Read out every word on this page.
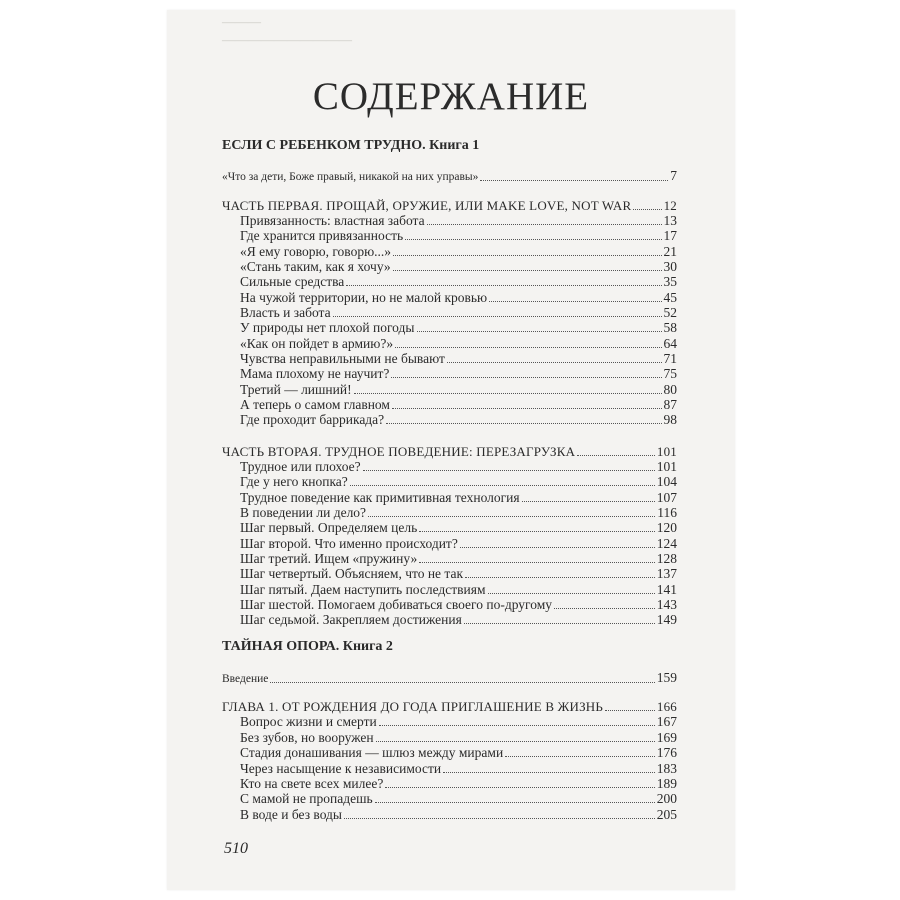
———
——————————
СОДЕРЖАНИЕ
ЕСЛИ С РЕБЕНКОМ ТРУДНО. Книга 1
«Что за дети, Боже правый, никакой на них управы»	7
ЧАСТЬ ПЕРВАЯ. ПРОЩАЙ, ОРУЖИЕ, ИЛИ MAKE LOVE, NOT WAR 12
Привязанность: властная забота	13
Где хранится привязанность	17
«Я ему говорю, говорю...»	21
«Стань таким, как я хочу»	30
Сильные средства	35
На чужой территории, но не малой кровью	45
Власть и забота	52
У природы нет плохой погоды	58
«Как он пойдет в армию?»	64
Чувства неправильными не бывают	71
Мама плохому не научит?	75
Третий — лишний!	80
А теперь о самом главном	87
Где проходит баррикада?	98
ЧАСТЬ ВТОРАЯ. ТРУДНОЕ ПОВЕДЕНИЕ: ПЕРЕЗАГРУЗКА	101
Трудное или плохое?	101
Где у него кнопка?	104
Трудное поведение как примитивная технология	107
В поведении ли дело?	116
Шаг первый. Определяем цель	120
Шаг второй. Что именно происходит?	124
Шаг третий. Ищем «пружину»	128
Шаг четвертый. Объясняем, что не так	137
Шаг пятый. Даем наступить последствиям	141
Шаг шестой. Помогаем добиваться своего по-другому	143
Шаг седьмой. Закрепляем достижения	149
ТАЙНАЯ ОПОРА. Книга 2
Введение	159
ГЛАВА 1. ОТ РОЖДЕНИЯ ДО ГОДА ПРИГЛАШЕНИЕ В ЖИЗНЬ	166
Вопрос жизни и смерти	167
Без зубов, но вооружен	169
Стадия донашивания — шлюз между мирами	176
Через насыщение к независимости	183
Кто на свете всех милее?	189
С мамой не пропадешь	200
В воде и без воды	205
510
